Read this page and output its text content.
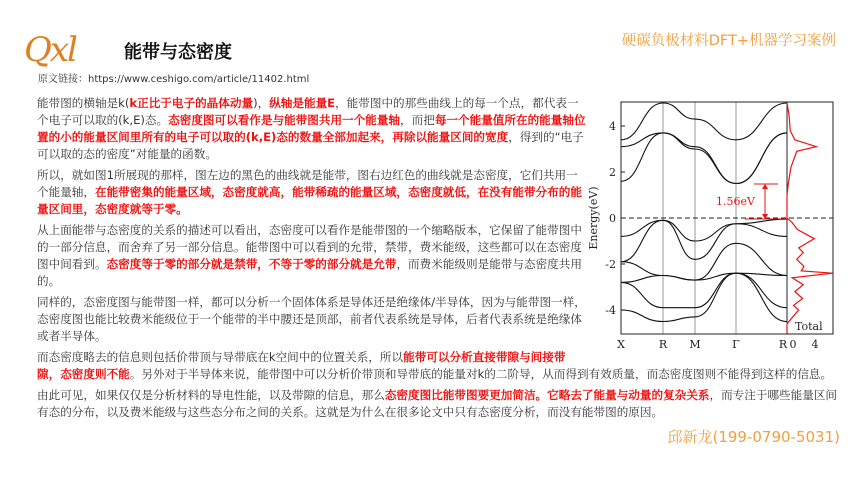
Qxl	能带与态密度
硬碳负极材料DFT+机器学习案例
原文链接：https://www.ceshigo.com/article/11402.html

能带图的横轴是k(k正比于电子的晶体动量)，纵轴是能量E，能带图中的那些曲线上的每一个点，都代表一个电子可以取的(k,E)态。态密度图可以看作是与能带图共用一个能量轴，而把每一个能量值所在的能量轴位置的小的能量区间里所有的电子可以取的(k,E)态的数量全部加起来，再除以能量区间的宽度，得到的“电子可以取的态的密度”对能量的函数。

所以，就如图1所展现的那样，图左边的黑色的曲线就是能带，图右边红色的曲线就是态密度，它们共用一个能量轴，在能带密集的能量区域，态密度就高，能带稀疏的能量区域，态密度就低，在没有能带分布的能量区间里，态密度就等于零。

从上面能带与态密度的关系的描述可以看出，态密度可以看作是能带图的一个缩略版本，它保留了能带图中的一部分信息，而舍弃了另一部分信息。能带图中可以看到的允带，禁带，费米能级，这些都可以在态密度图中间看到。态密度等于零的部分就是禁带，不等于零的部分就是允带，而费米能级则是能带与态密度共用的。

同样的，态密度图与能带图一样，都可以分析一个固体体系是导体还是绝缘体/半导体，因为与能带图一样，态密度图也能比较费米能级位于一个能带的半中腰还是顶部，前者代表系统是导体，后者代表系统是绝缘体或者半导体。

而态密度略去的信息则包括价带顶与导带底在k空间中的位置关系，所以能带可以分析直接带隙与间接带隙，态密度则不能。另外对于半导体来说，能带图中可以分析价带顶和导带底的能量对k的二阶导，从而得到有效质量，而态密度图则不能得到这样的信息。

由此可见，如果仅仅是分析材料的导电性能，以及带隙的信息，那么态密度图比能带图要更加简洁。它略去了能量与动量的复杂关系，而专注于哪些能量区间有态的分布，以及费米能级与这些态分布之间的关系。这就是为什么在很多论文中只有态密度分析，而没有能带图的原因。

邱新龙(199-0790-5031)
Energy(eV)
4
2
0
-2
-4
X	R M	Γ	R 0 4
1.56eV
Total
